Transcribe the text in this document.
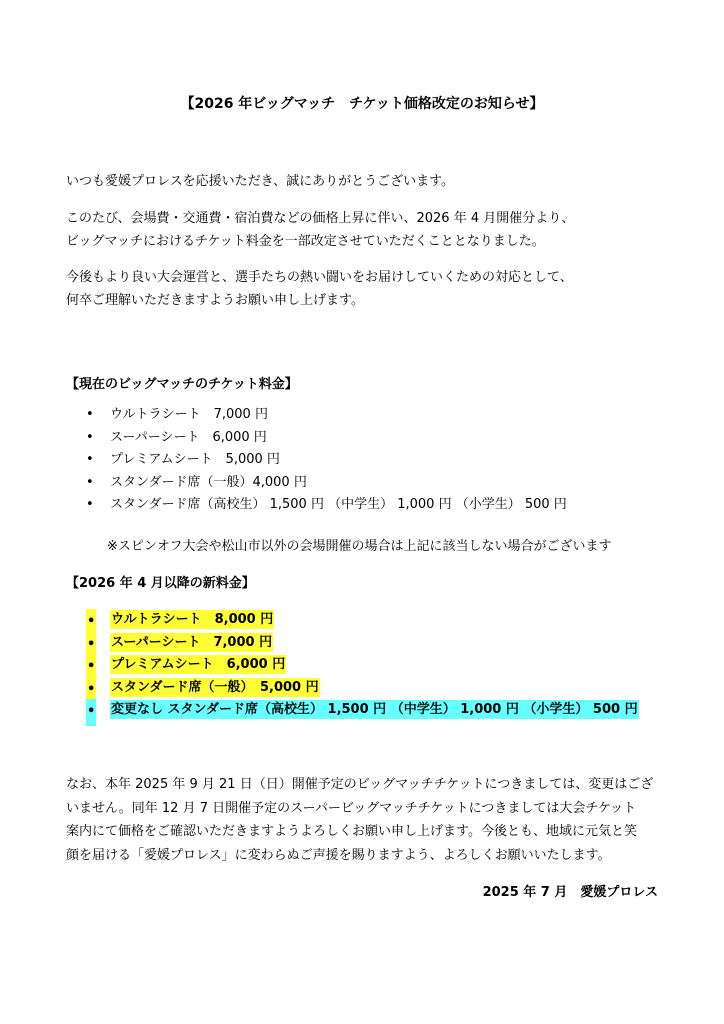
【2026 年ビッグマッチ　チケット価格改定のお知らせ】
いつも愛媛プロレスを応援いただき、誠にありがとうございます。
このたび、会場費・交通費・宿泊費などの価格上昇に伴い、2026 年 4 月開催分より、
ビッグマッチにおけるチケット料金を一部改定させていただくこととなりました。
今後もより良い大会運営と、選手たちの熱い闘いをお届けしていくための対応として、
何卒ご理解いただきますようお願い申し上げます。
【現在のビッグマッチのチケット料金】
• ウルトラシート　7,000 円
• スーパーシート　6,000 円
• プレミアムシート　5,000 円
• スタンダード席（一般）4,000 円
• スタンダード席（高校生） 1,500 円 （中学生） 1,000 円 （小学生） 500 円
※スピンオフ大会や松山市以外の会場開催の場合は上記に該当しない場合がございます
【2026 年 4 月以降の新料金】
• ウルトラシート　8,000 円
• スーパーシート　7,000 円
• プレミアムシート　6,000 円
• スタンダード席（一般）　5,000 円
• 変更なし スタンダード席（高校生） 1,500 円 （中学生） 1,000 円 （小学生） 500 円
なお、本年 2025 年 9 月 21 日（日）開催予定のビッグマッチチケットにつきましては、変更はござ
いません。同年 12 月 7 日開催予定のスーパービッグマッチチケットにつきましては大会チケット
案内にて価格をご確認いただきますようよろしくお願い申し上げます。今後とも、地域に元気と笑
顔を届ける「愛媛プロレス」に変わらぬご声援を賜りますよう、よろしくお願いいたします。
2025 年 7 月　愛媛プロレス
